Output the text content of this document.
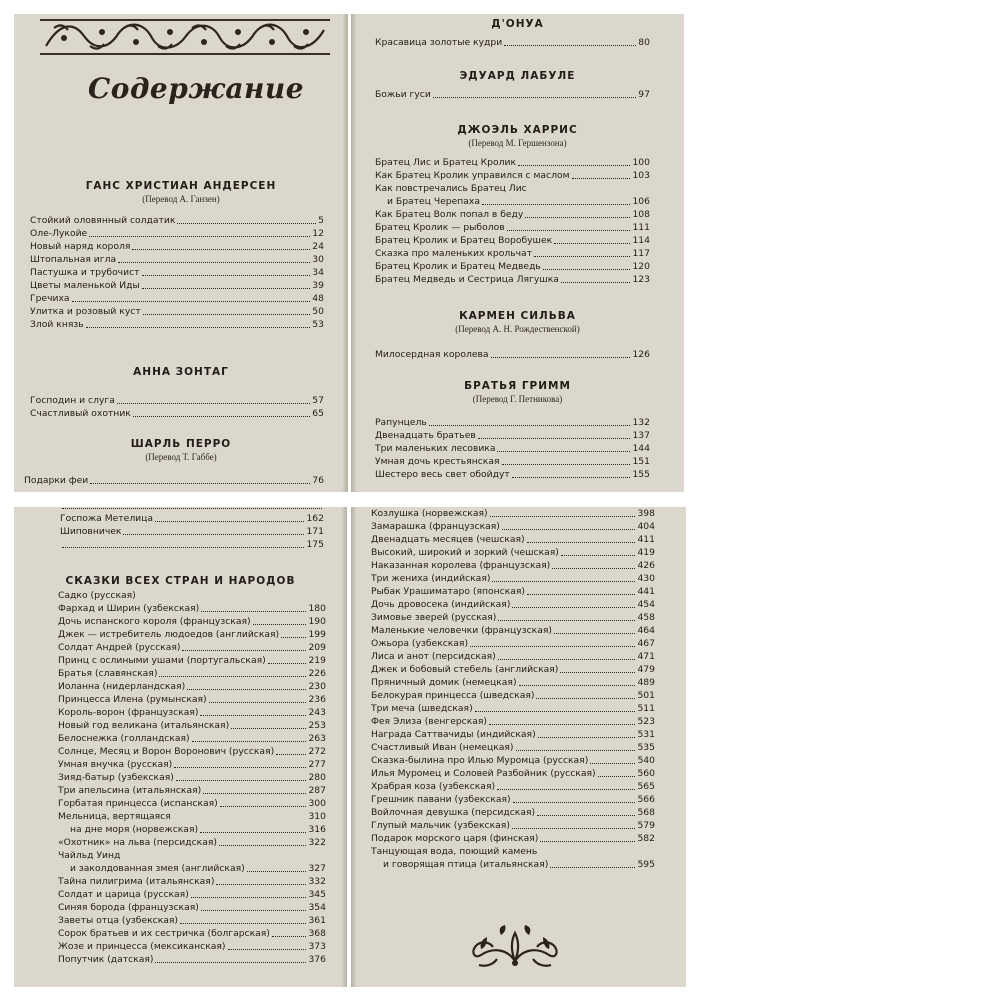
Содержание
ГАНС ХРИСТИАН АНДЕРСЕН
(Перевод А. Ганзен)
Стойкий оловянный солдатик	5
Оле-Лукойе	12
Новый наряд короля	24
Штопальная игла	30
Пастушка и трубочист	34
Цветы маленькой Иды	39
Гречиха	48
Улитка и розовый куст	50
Злой князь	53
АННА ЗОНТАГ
Господин и слуга	57
Счастливый охотник	65
ШАРЛЬ ПЕРРО
(Перевод Т. Габбе)
Подарки феи	76
Д'ОНУА
Красавица золотые кудри	80
ЭДУАРД ЛАБУЛЕ
Божьи гуси	97
ДЖОЭЛЬ ХАРРИС
(Перевод М. Гершензона)
Братец Лис и Братец Кролик	100
Как Братец Кролик управился с маслом	103
Как повстречались Братец Лис
и Братец Черепаха	106
Как Братец Волк попал в беду	108
Братец Кролик — рыболов	111
Братец Кролик и Братец Воробушек	114
Сказка про маленьких крольчат	117
Братец Кролик и Братец Медведь	120
Братец Медведь и Сестрица Лягушка	123
КАРМЕН СИЛЬВА
(Перевод А. Н. Рождественской)
Милосердная королева	126
БРАТЬЯ ГРИММ
(Перевод Г. Петникова)
Рапунцель	132
Двенадцать братьев	137
Три маленьких лесовика	144
Умная дочь крестьянская	151
Шестеро весь свет обойдут	155
Госпожа Метелица	162
Шиповничек	171
175
СКАЗКИ ВСЕХ СТРАН И НАРОДОВ
Садко (русская)
Фархад и Ширин (узбекская)	180
Дочь испанского короля (французская)	190
Джек — истребитель людоедов (английская)	199
Солдат Андрей (русская)	209
Принц с ослиными ушами (португальская)	219
Братья (славянская)	226
Иоланна (нидерландская)	230
Принцесса Илена (румынская)	236
Король-ворон (французская)	243
Новый год великана (итальянская)	253
Белоснежка (голландская)	263
Солнце, Месяц и Ворон Воронович (русская)	272
Умная внучка (русская)	277
Зияд-батыр (узбекская)	280
Три апельсина (итальянская)	287
Горбатая принцесса (испанская)	300
Мельница, вертящаяся	310
на дне моря (норвежская)	316
«Охотник» на льва (персидская)	322
Чайльд Уинд
и заколдованная змея (английская)	327
Тайна пилигрима (итальянская)	332
Солдат и царица (русская)	345
Синяя борода (французская)	354
Заветы отца (узбекская)	361
Сорок братьев и их сестричка (болгарская)	368
Жозе и принцесса (мексиканская)	373
Попутчик (датская)	376
Козлушка (норвежская)	398
Замарашка (французская)	404
Двенадцать месяцев (чешская)	411
Высокий, широкий и зоркий (чешская)	419
Наказанная королева (французская)	426
Три жениха (индийская)	430
Рыбак Урашиматаро (японская)	441
Дочь дровосека (индийская)	454
Зимовье зверей (русская)	458
Маленькие человечки (французская)	464
Ожьора (узбекская)	467
Лиса и анот (персидская)	471
Джек и бобовый стебель (английская)	479
Пряничный домик (немецкая)	489
Белокурая принцесса (шведская)	501
Три меча (шведская)	511
Фея Элиза (венгерская)	523
Награда Саттвачиды (индийская)	531
Счастливый Иван (немецкая)	535
Сказка-былина про Илью Муромца (русская)	540
Илья Муромец и Соловей Разбойник (русская)	560
Храбрая коза (узбекская)	565
Грешник павани (узбекская)	566
Войлочная девушка (персидская)	568
Глупый мальчик (узбекская)	579
Подарок морского царя (финская)	582
Танцующая вода, поющий камень
и говорящая птица (итальянская)	595
